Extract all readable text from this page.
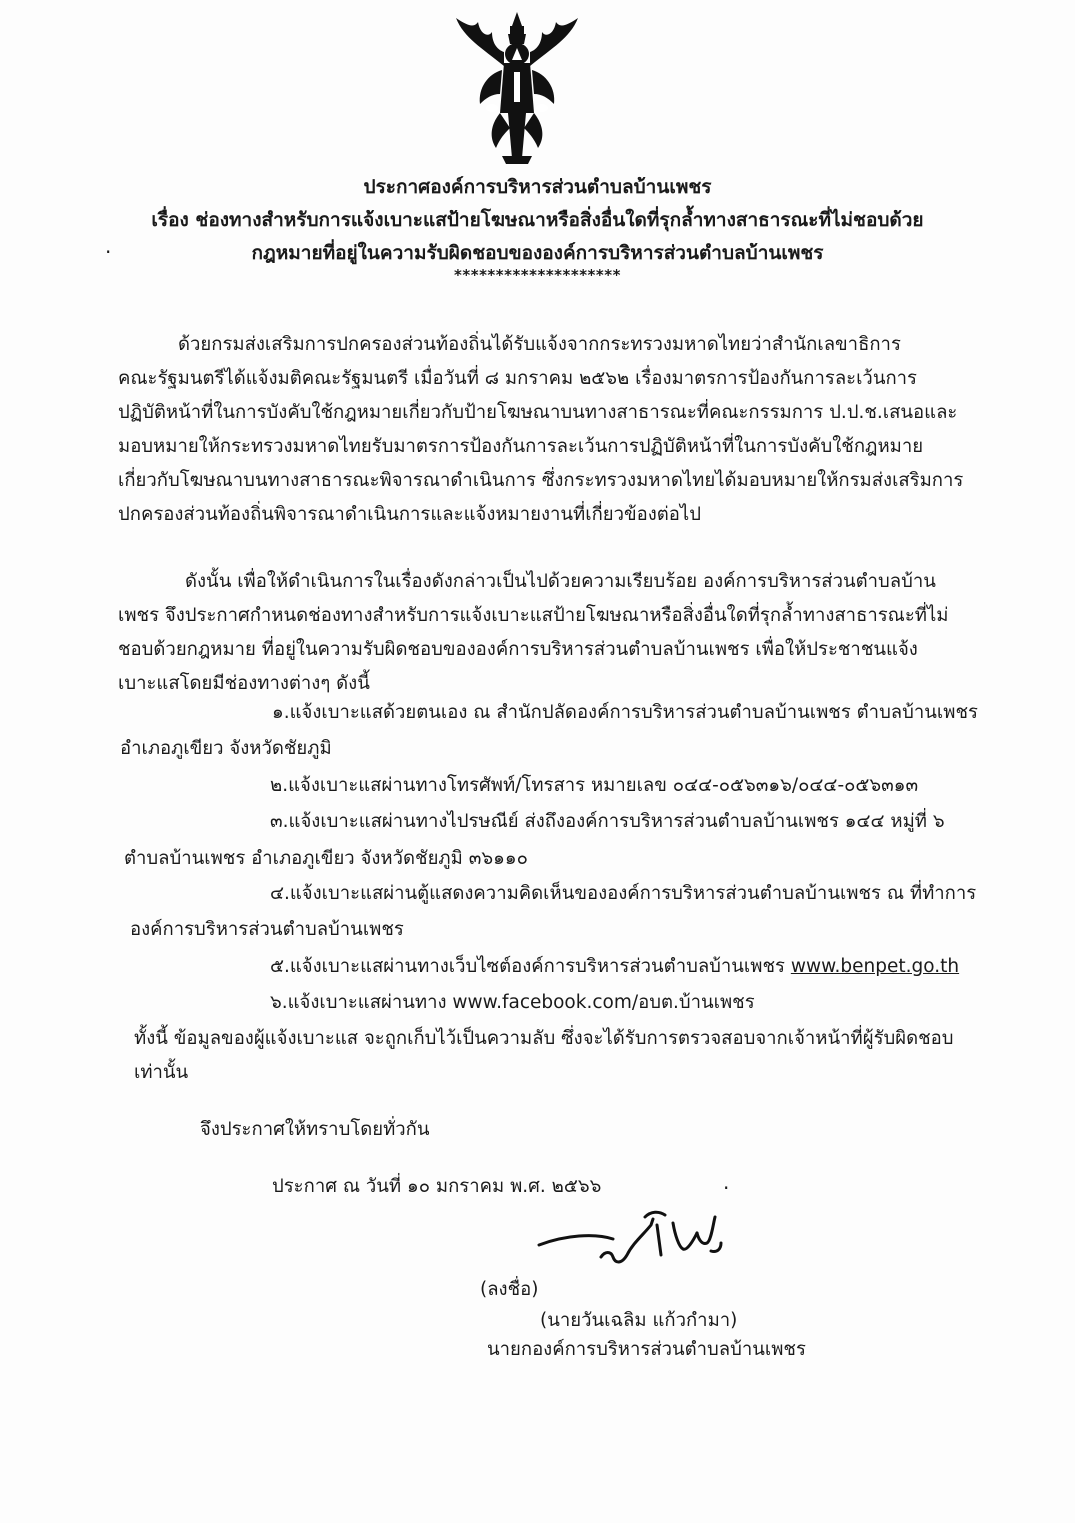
ประกาศองค์การบริหารส่วนตำบลบ้านเพชร
เรื่อง ช่องทางสำหรับการแจ้งเบาะแสป้ายโฆษณาหรือสิ่งอื่นใดที่รุกล้ำทางสาธารณะที่ไม่ชอบด้วย
กฎหมายที่อยู่ในความรับผิดชอบขององค์การบริหารส่วนตำบลบ้านเพชร
********************
·
ด้วยกรมส่งเสริมการปกครองส่วนท้องถิ่นได้รับแจ้งจากกระทรวงมหาดไทยว่าสำนักเลขาธิการ
คณะรัฐมนตรีได้แจ้งมติคณะรัฐมนตรี เมื่อวันที่ ๘ มกราคม ๒๕๖๒ เรื่องมาตรการป้องกันการละเว้นการ
ปฏิบัติหน้าที่ในการบังคับใช้กฎหมายเกี่ยวกับป้ายโฆษณาบนทางสาธารณะที่คณะกรรมการ ป.ป.ช.เสนอและ
มอบหมายให้กระทรวงมหาดไทยรับมาตรการป้องกันการละเว้นการปฏิบัติหน้าที่ในการบังคับใช้กฎหมาย
เกี่ยวกับโฆษณาบนทางสาธารณะพิจารณาดำเนินการ ซึ่งกระทรวงมหาดไทยได้มอบหมายให้กรมส่งเสริมการ
ปกครองส่วนท้องถิ่นพิจารณาดำเนินการและแจ้งหมายงานที่เกี่ยวข้องต่อไป
ดังนั้น เพื่อให้ดำเนินการในเรื่องดังกล่าวเป็นไปด้วยความเรียบร้อย องค์การบริหารส่วนตำบลบ้าน
เพชร จึงประกาศกำหนดช่องทางสำหรับการแจ้งเบาะแสป้ายโฆษณาหรือสิ่งอื่นใดที่รุกล้ำทางสาธารณะที่ไม่
ชอบด้วยกฎหมาย ที่อยู่ในความรับผิดชอบขององค์การบริหารส่วนตำบลบ้านเพชร เพื่อให้ประชาชนแจ้ง
เบาะแสโดยมีช่องทางต่างๆ ดังนี้
๑.แจ้งเบาะแสด้วยตนเอง ณ สำนักปลัดองค์การบริหารส่วนตำบลบ้านเพชร ตำบลบ้านเพชร
อำเภอภูเขียว จังหวัดชัยภูมิ
๒.แจ้งเบาะแสผ่านทางโทรศัพท์/โทรสาร หมายเลข ๐๔๔-๐๕๖๓๑๖/๐๔๔-๐๕๖๓๑๓
๓.แจ้งเบาะแสผ่านทางไปรษณีย์ ส่งถึงองค์การบริหารส่วนตำบลบ้านเพชร ๑๔๔ หมู่ที่ ๖
ตำบลบ้านเพชร อำเภอภูเขียว จังหวัดชัยภูมิ ๓๖๑๑๐
๔.แจ้งเบาะแสผ่านตู้แสดงความคิดเห็นขององค์การบริหารส่วนตำบลบ้านเพชร ณ ที่ทำการ
องค์การบริหารส่วนตำบลบ้านเพชร
๕.แจ้งเบาะแสผ่านทางเว็บไซต์องค์การบริหารส่วนตำบลบ้านเพชร www.benpet.go.th
๖.แจ้งเบาะแสผ่านทาง www.facebook.com/อบต.บ้านเพชร
ทั้งนี้ ข้อมูลของผู้แจ้งเบาะแส จะถูกเก็บไว้เป็นความลับ ซึ่งจะได้รับการตรวจสอบจากเจ้าหน้าที่ผู้รับผิดชอบ
เท่านั้น
จึงประกาศให้ทราบโดยทั่วกัน
ประกาศ ณ วันที่ ๑๐ มกราคม พ.ศ. ๒๕๖๖	·
(ลงชื่อ)
(นายวันเฉลิม แก้วกำมา)
นายกองค์การบริหารส่วนตำบลบ้านเพชร
